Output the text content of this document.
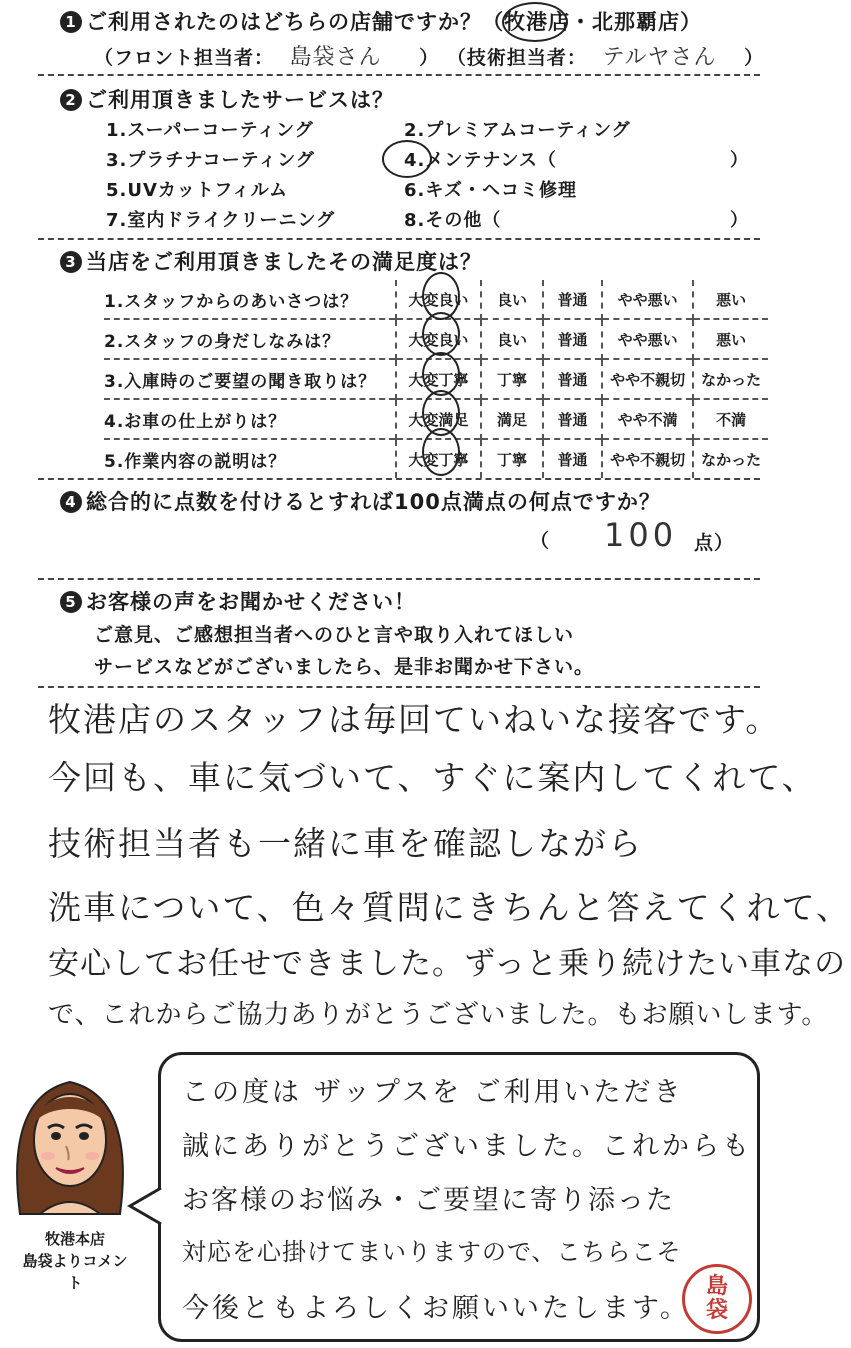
1 ご利用されたのはどちらの店舗ですか？（牧港店・北那覇店）
（フロント担当者： 島袋さん ） （技術担当者： テルヤさん ）
2 ご利用頂きましたサービスは？
1.スーパーコーティング	2.プレミアムコーティング
3.プラチナコーティング	4.メンテナンス（	）
5.UVカットフィルム	6.キズ・ヘコミ修理
7.室内ドライクリーニング	8.その他（	）
3 当店をご利用頂きましたその満足度は？
1.スタッフからのあいさつは？	大変良い	良い	普通	やや悪い	悪い
2.スタッフの身だしなみは？	大変良い	良い	普通	やや悪い	悪い
3.入庫時のご要望の聞き取りは？	大変丁寧	丁寧	普通	やや不親切	なかった
4.お車の仕上がりは？	大変満足	満足	普通	やや不満	不満
5.作業内容の説明は？	大変丁寧	丁寧	普通	やや不親切	なかった
4 総合的に点数を付けるとすれば100点満点の何点ですか？
（ 100 点）
5 お客様の声をお聞かせください！
ご意見、ご感想担当者へのひと言や取り入れてほしい
サービスなどがございましたら、是非お聞かせ下さい。
牧港店のスタッフは毎回ていねいな接客です。
今回も、車に気づいて、すぐに案内してくれて、
技術担当者も一緒に車を確認しながら
洗車について、色々質問にきちんと答えてくれて、
安心してお任せできました。ずっと乗り続けたい車なの
で、これからご協力ありがとうございました。もお願いします。
牧港本店
島袋よりコメント
この度は ザップスを ご利用いただき
誠にありがとうございました。これからも
お客様のお悩み・ご要望に寄り添った
対応を心掛けてまいりますので、こちらこそ
今後ともよろしくお願いいたします。
島
袋
